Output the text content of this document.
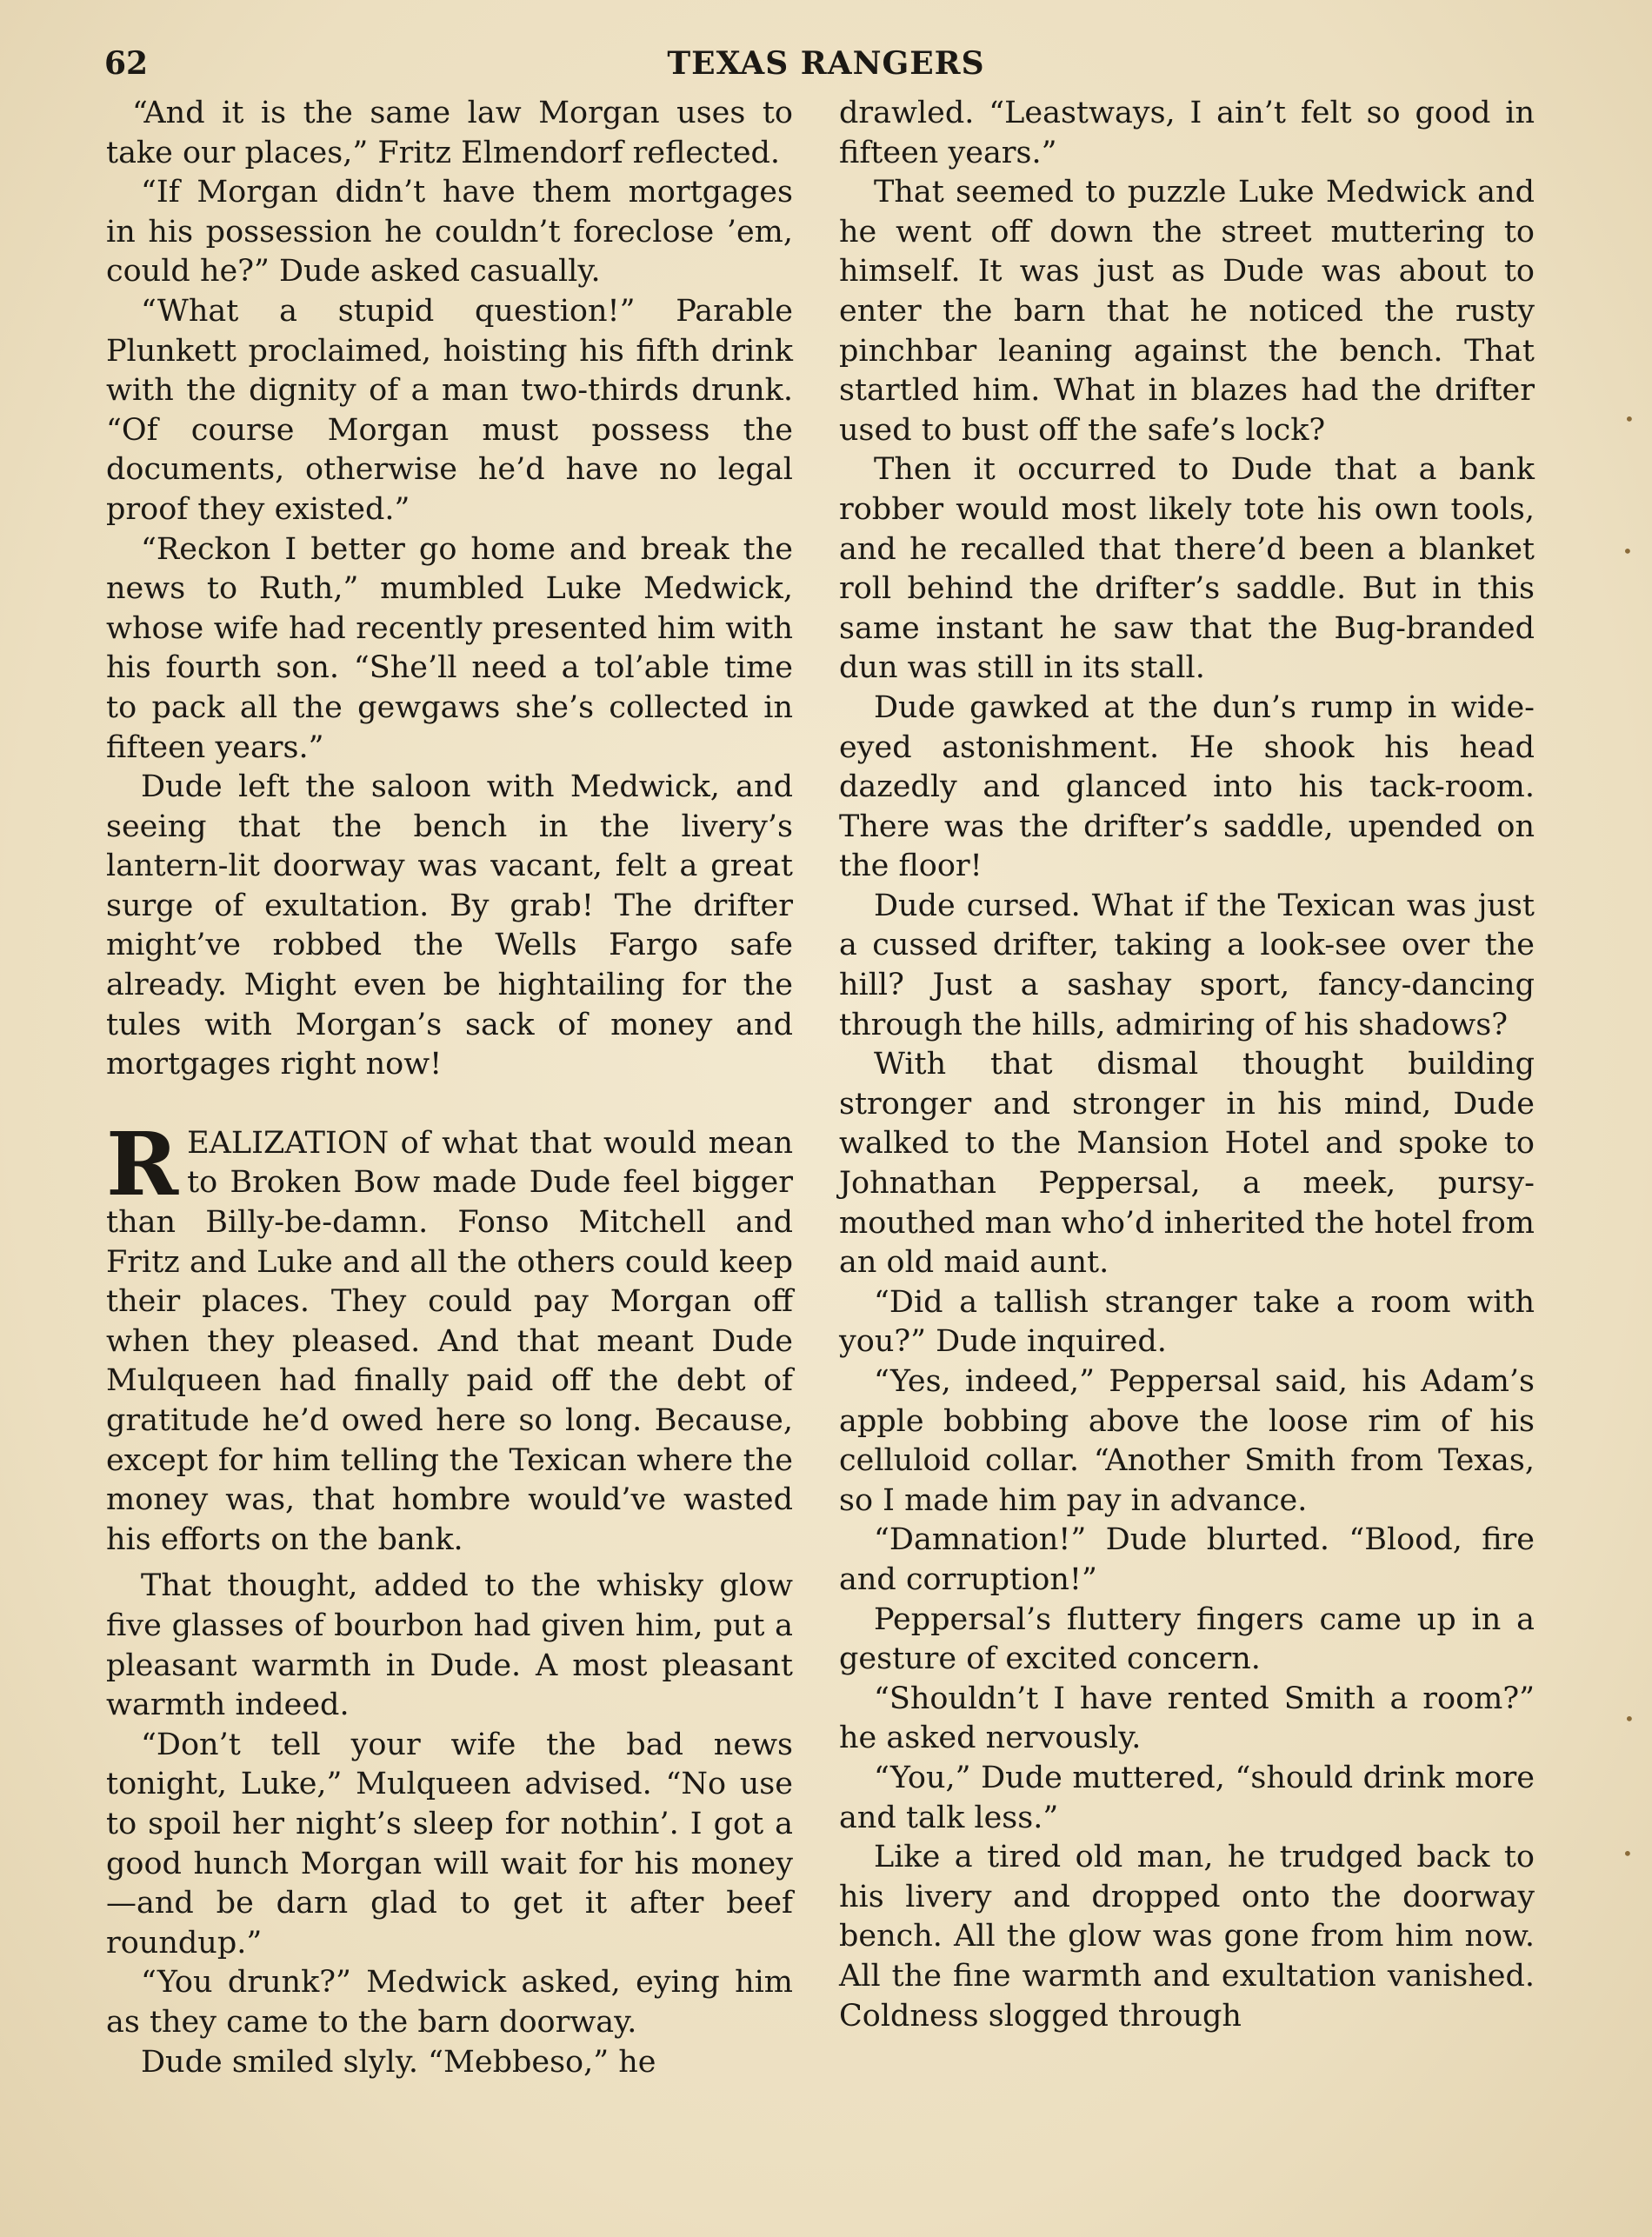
62	TEXAS RANGERS

“And it is the same law Morgan uses to take our places,” Fritz Elmendorf reflected.

“If Morgan didn’t have them mortgages in his possession he couldn’t foreclose ’em, could he?” Dude asked casually.

“What a stupid question!” Parable Plunkett proclaimed, hoisting his fifth drink with the dignity of a man two-thirds drunk. “Of course Morgan must possess the documents, otherwise he’d have no legal proof they existed.”

“Reckon I better go home and break the news to Ruth,” mumbled Luke Medwick, whose wife had recently presented him with his fourth son. “She’ll need a tol’able time to pack all the gewgaws she’s collected in fifteen years.”

Dude left the saloon with Medwick, and seeing that the bench in the livery’s lantern-lit doorway was vacant, felt a great surge of exultation. By grab! The drifter might’ve robbed the Wells Fargo safe already. Might even be hightailing for the tules with Morgan’s sack of money and mortgages right now!

REALIZATION of what that would mean to Broken Bow made Dude feel bigger than Billy-be-damn. Fonso Mitchell and Fritz and Luke and all the others could keep their places. They could pay Morgan off when they pleased. And that meant Dude Mulqueen had finally paid off the debt of gratitude he’d owed here so long. Because, except for him telling the Texican where the money was, that hombre would’ve wasted his efforts on the bank.

That thought, added to the whisky glow five glasses of bourbon had given him, put a pleasant warmth in Dude. A most pleasant warmth indeed.

“Don’t tell your wife the bad news tonight, Luke,” Mulqueen advised. “No use to spoil her night’s sleep for nothin’. I got a good hunch Morgan will wait for his money—and be darn glad to get it after beef roundup.”

“You drunk?” Medwick asked, eying him as they came to the barn doorway.

Dude smiled slyly. “Mebbeso,” he

drawled. “Leastways, I ain’t felt so good in fifteen years.”

That seemed to puzzle Luke Medwick and he went off down the street muttering to himself. It was just as Dude was about to enter the barn that he noticed the rusty pinchbar leaning against the bench. That startled him. What in blazes had the drifter used to bust off the safe’s lock?

Then it occurred to Dude that a bank robber would most likely tote his own tools, and he recalled that there’d been a blanket roll behind the drifter’s saddle. But in this same instant he saw that the Bug-branded dun was still in its stall.

Dude gawked at the dun’s rump in wide-eyed astonishment. He shook his head dazedly and glanced into his tack-room. There was the drifter’s saddle, upended on the floor!

Dude cursed. What if the Texican was just a cussed drifter, taking a look-see over the hill? Just a sashay sport, fancy-dancing through the hills, admiring of his shadows?

With that dismal thought building stronger and stronger in his mind, Dude walked to the Mansion Hotel and spoke to Johnathan Peppersal, a meek, pursy-mouthed man who’d inherited the hotel from an old maid aunt.

“Did a tallish stranger take a room with you?” Dude inquired.

“Yes, indeed,” Peppersal said, his Adam’s apple bobbing above the loose rim of his celluloid collar. “Another Smith from Texas, so I made him pay in advance.

“Damnation!” Dude blurted. “Blood, fire and corruption!”

Peppersal’s fluttery fingers came up in a gesture of excited concern.

“Shouldn’t I have rented Smith a room?” he asked nervously.

“You,” Dude muttered, “should drink more and talk less.”

Like a tired old man, he trudged back to his livery and dropped onto the doorway bench. All the glow was gone from him now. All the fine warmth and exultation vanished. Coldness slogged through

•
•
•
•
